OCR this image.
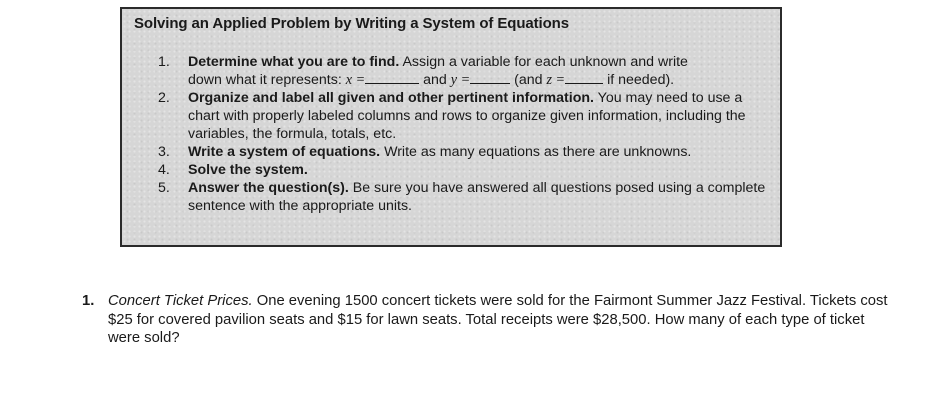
Solving an Applied Problem by Writing a System of Equations
1. Determine what you are to find. Assign a variable for each unknown and write
down what it represents: x =	and y =	(and z =	if needed).
2. Organize and label all given and other pertinent information. You may need to use a chart with properly labeled columns and rows to organize given information, including the variables, the formula, totals, etc.
3. Write a system of equations. Write as many equations as there are unknowns.
4. Solve the system.
5. Answer the question(s). Be sure you have answered all questions posed using a complete sentence with the appropriate units.
1. Concert Ticket Prices. One evening 1500 concert tickets were sold for the Fairmont Summer Jazz Festival. Tickets cost $25 for covered pavilion seats and $15 for lawn seats. Total receipts were $28,500. How many of each type of ticket were sold?
